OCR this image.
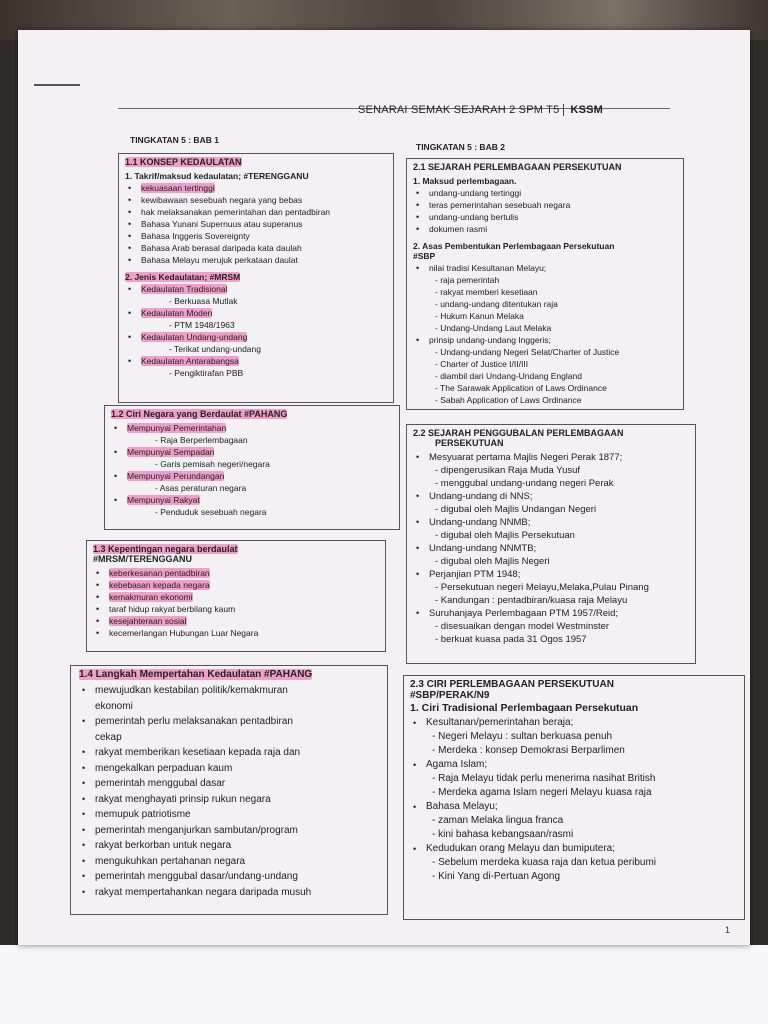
SENARAI SEMAK SEJARAH 2 SPM T5 KSSM
TINGKATAN 5 : BAB 1
TINGKATAN 5 : BAB 2
1.1 KONSEP KEDAULATAN
1. Takrif/maksud kedaulatan; #TERENGGANU
• kekuasaan tertinggi
• kewibawaan sesebuah negara yang bebas
• hak melaksanakan pemerintahan dan pentadbiran
• Bahasa Yunani Supernuus atau superanus
• Bahasa Inggeris Sovereignty
• Bahasa Arab berasal daripada kata daulah
• Bahasa Melayu merujuk perkataan daulat
2. Jenis Kedaulatan; #MRSM
• Kedaulatan Tradisional
- Berkuasa Mutlak
• Kedaulatan Moden
- PTM 1948/1963
• Kedaulatan Undang-undang
- Terikat undang-undang
• Kedaulatan Antarabangsa
- Pengiktirafan PBB
1.2 Ciri Negara yang Berdaulat #PAHANG
• Mempunyai Pemerintahan
- Raja Berperlembagaan
• Mempunyai Sempadan
- Garis pemisah negeri/negara
• Mempunyai Perundangan
- Asas peraturan negara
• Mempunyai Rakyat
- Penduduk sesebuah negara
1.3 Kepentingan negara berdaulat
#MRSM/TERENGGANU
• keberkesanan pentadbiran
• kebebasan kepada negara
• kemakmuran ekonomi
• taraf hidup rakyat berbilang kaum
• kesejahteraan sosial
• kecemerlangan Hubungan Luar Negara
1.4 Langkah Mempertahan Kedaulatan #PAHANG
• mewujudkan kestabilan politik/kemakmuran
ekonomi
• pemerintah perlu melaksanakan pentadbiran
cekap
• rakyat memberikan kesetiaan kepada raja dan
• mengekalkan perpaduan kaum
• pemerintah menggubal dasar
• rakyat menghayati prinsip rukun negara
• memupuk patriotisme
• pemerintah menganjurkan sambutan/program
• rakyat berkorban untuk negara
• mengukuhkan pertahanan negara
• pemerintah menggubal dasar/undang-undang
• rakyat mempertahankan negara daripada musuh
2.1 SEJARAH PERLEMBAGAAN PERSEKUTUAN
1. Maksud perlembagaan.
• undang-undang tertinggi
• teras pemerintahan sesebuah negara
• undang-undang bertulis
• dokumen rasmi
2. Asas Pembentukan Perlembagaan Persekutuan
#SBP
• nilai tradisi Kesultanan Melayu;
- raja pemerintah
- rakyat memberi kesetiaan
- undang-undang ditentukan raja
- Hukum Kanun Melaka
- Undang-Undang Laut Melaka
• prinsip undang-undang Inggeris;
- Undang-undang Negeri Selat/Charter of Justice
- Charter of Justice I/II/III
- diambil dari Undang-Undang England
- The Sarawak Application of Laws Ordinance
- Sabah Application of Laws Ordinance
2.2 SEJARAH PENGGUBALAN PERLEMBAGAAN
PERSEKUTUAN
• Mesyuarat pertama Majlis Negeri Perak 1877;
- dipengerusikan Raja Muda Yusuf
- menggubal undang-undang negeri Perak
• Undang-undang di NNS;
- digubal oleh Majlis Undangan Negeri
• Undang-undang NNMB;
- digubal oleh Majlis Persekutuan
• Undang-undang NNMTB;
- digubal oleh Majlis Negeri
• Perjanjian PTM 1948;
- Persekutuan negeri Melayu,Melaka,Pulau Pinang
- Kandungan : pentadbiran/kuasa raja Melayu
• Suruhanjaya Perlembagaan PTM 1957/Reid;
- disesuaikan dengan model Westminster
- berkuat kuasa pada 31 Ogos 1957
2.3 CIRI PERLEMBAGAAN PERSEKUTUAN
#SBP/PERAK/N9
1. Ciri Tradisional Perlembagaan Persekutuan
• Kesultanan/pemerintahan beraja;
- Negeri Melayu : sultan berkuasa penuh
- Merdeka : konsep Demokrasi Berparlimen
• Agama Islam;
- Raja Melayu tidak perlu menerima nasihat British
- Merdeka agama Islam negeri Melayu kuasa raja
• Bahasa Melayu;
- zaman Melaka lingua franca
- kini bahasa kebangsaan/rasmi
• Kedudukan orang Melayu dan bumiputera;
- Sebelum merdeka kuasa raja dan ketua peribumi
- Kini Yang di-Pertuan Agong
1
